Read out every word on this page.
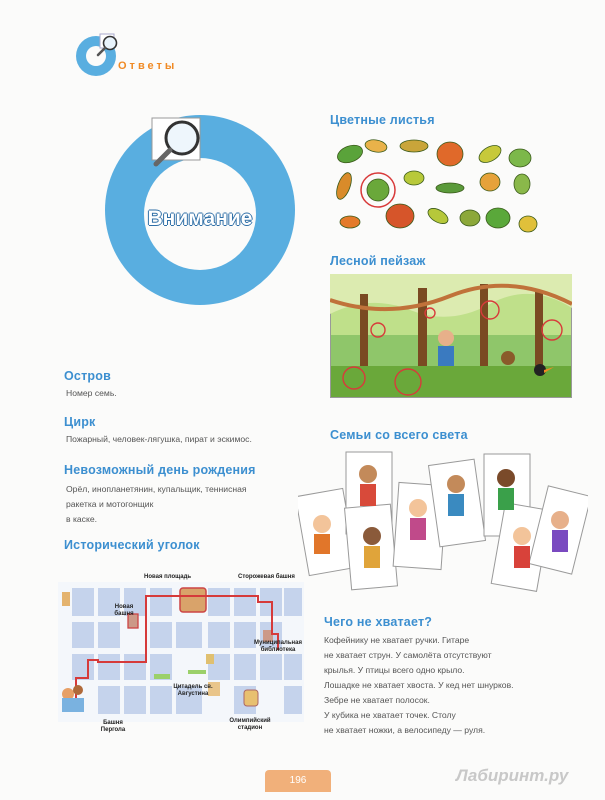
Ответы
Внимание
Остров
Номер семь.
Цирк
Пожарный, человек-лягушка, пират и эскимос.
Невозможный день рождения
Орёл, инопланетянин, купальщик, теннисная
ракетка и мотогонщик
в каске.
Исторический уголок
Новая площадь	Сторожевая башня
Новая башня
Муниципальная библиотека
Цитадель св. Августина
Олимпийский стадион
Башня Пергола
Цветные листья
Лесной пейзаж
Семьи со всего света
Чего не хватает?
Кофейнику не хватает ручки. Гитаре
не хватает струн. У самолёта отсутствуют
крылья. У птицы всего одно крыло.
Лошадке не хватает хвоста. У кед нет шнурков.
Зебре не хватает полосок.
У кубика не хватает точек. Столу
не хватает ножки, а велосипеду — руля.
196	Лабиринт.ру
